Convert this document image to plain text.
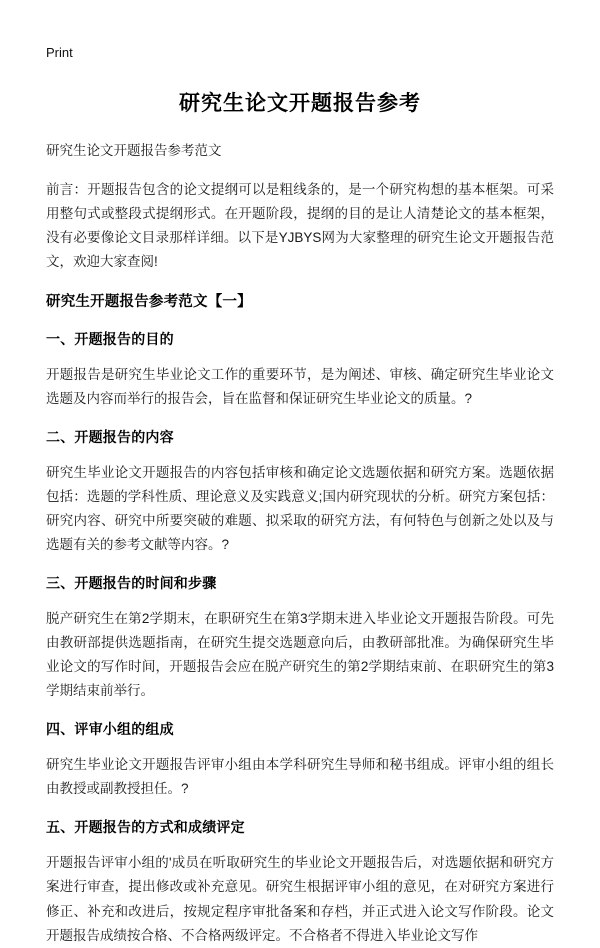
Print
研究生论文开题报告参考

研究生论文开题报告参考范文

前言：开题报告包含的论文提纲可以是粗线条的，是一个研究构想的基本框架。可采用整句式或整段式提纲形式。在开题阶段，提纲的目的是让人清楚论文的基本框架，没有必要像论文目录那样详细。以下是YJBYS网为大家整理的研究生论文开题报告范文，欢迎大家查阅!

研究生开题报告参考范文【一】
一、开题报告的目的

开题报告是研究生毕业论文工作的重要环节，是为阐述、审核、确定研究生毕业论文选题及内容而举行的报告会，旨在监督和保证研究生毕业论文的质量。?

二、开题报告的内容

研究生毕业论文开题报告的内容包括审核和确定论文选题依据和研究方案。选题依据包括：选题的学科性质、理论意义及实践意义;国内研究现状的分析。研究方案包括：研究内容、研究中所要突破的难题、拟采取的研究方法，有何特色与创新之处以及与选题有关的参考文献等内容。?

三、开题报告的时间和步骤

脱产研究生在第2学期末，在职研究生在第3学期末进入毕业论文开题报告阶段。可先由教研部提供选题指南，在研究生提交选题意向后，由教研部批准。为确保研究生毕业论文的写作时间，开题报告会应在脱产研究生的第2学期结束前、在职研究生的第3学期结束前举行。

四、评审小组的组成

研究生毕业论文开题报告评审小组由本学科研究生导师和秘书组成。评审小组的组长由教授或副教授担任。?

五、开题报告的方式和成绩评定

开题报告评审小组的'成员在听取研究生的毕业论文开题报告后，对选题依据和研究方案进行审查，提出修改或补充意见。研究生根据评审小组的意见，在对研究方案进行修正、补充和改进后，按规定程序审批备案和存档，并正式进入论文写作阶段。论文开题报告成绩按合格、不合格两级评定。不合格者不得进入毕业论文写作
